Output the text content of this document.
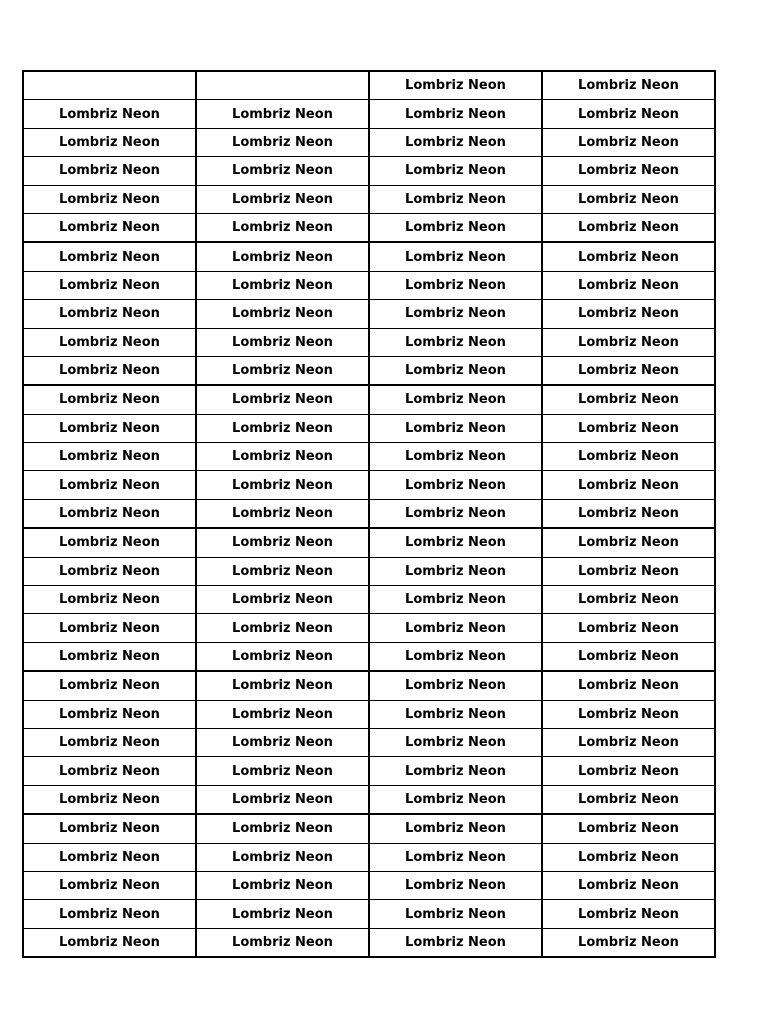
		Lombriz Neon	Lombriz Neon
Lombriz Neon	Lombriz Neon	Lombriz Neon	Lombriz Neon
Lombriz Neon	Lombriz Neon	Lombriz Neon	Lombriz Neon
Lombriz Neon	Lombriz Neon	Lombriz Neon	Lombriz Neon
Lombriz Neon	Lombriz Neon	Lombriz Neon	Lombriz Neon
Lombriz Neon	Lombriz Neon	Lombriz Neon	Lombriz Neon
Lombriz Neon	Lombriz Neon	Lombriz Neon	Lombriz Neon
Lombriz Neon	Lombriz Neon	Lombriz Neon	Lombriz Neon
Lombriz Neon	Lombriz Neon	Lombriz Neon	Lombriz Neon
Lombriz Neon	Lombriz Neon	Lombriz Neon	Lombriz Neon
Lombriz Neon	Lombriz Neon	Lombriz Neon	Lombriz Neon
Lombriz Neon	Lombriz Neon	Lombriz Neon	Lombriz Neon
Lombriz Neon	Lombriz Neon	Lombriz Neon	Lombriz Neon
Lombriz Neon	Lombriz Neon	Lombriz Neon	Lombriz Neon
Lombriz Neon	Lombriz Neon	Lombriz Neon	Lombriz Neon
Lombriz Neon	Lombriz Neon	Lombriz Neon	Lombriz Neon
Lombriz Neon	Lombriz Neon	Lombriz Neon	Lombriz Neon
Lombriz Neon	Lombriz Neon	Lombriz Neon	Lombriz Neon
Lombriz Neon	Lombriz Neon	Lombriz Neon	Lombriz Neon
Lombriz Neon	Lombriz Neon	Lombriz Neon	Lombriz Neon
Lombriz Neon	Lombriz Neon	Lombriz Neon	Lombriz Neon
Lombriz Neon	Lombriz Neon	Lombriz Neon	Lombriz Neon
Lombriz Neon	Lombriz Neon	Lombriz Neon	Lombriz Neon
Lombriz Neon	Lombriz Neon	Lombriz Neon	Lombriz Neon
Lombriz Neon	Lombriz Neon	Lombriz Neon	Lombriz Neon
Lombriz Neon	Lombriz Neon	Lombriz Neon	Lombriz Neon
Lombriz Neon	Lombriz Neon	Lombriz Neon	Lombriz Neon
Lombriz Neon	Lombriz Neon	Lombriz Neon	Lombriz Neon
Lombriz Neon	Lombriz Neon	Lombriz Neon	Lombriz Neon
Lombriz Neon	Lombriz Neon	Lombriz Neon	Lombriz Neon
Lombriz Neon	Lombriz Neon	Lombriz Neon	Lombriz Neon
